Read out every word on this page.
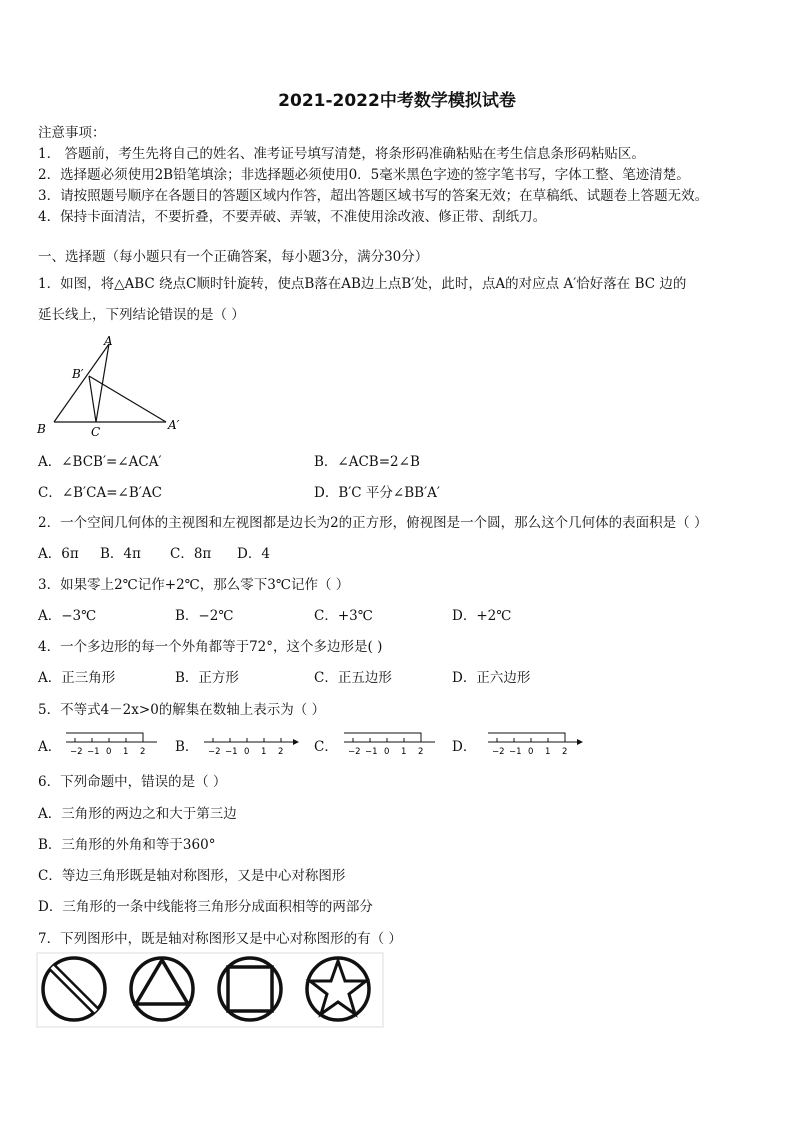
2021-2022中考数学模拟试卷
注意事项：
1． 答题前，考生先将自己的姓名、准考证号填写清楚，将条形码准确粘贴在考生信息条形码粘贴区。
2．选择题必须使用2B铅笔填涂；非选择题必须使用0．5毫米黑色字迹的签字笔书写，字体工整、笔迹清楚。
3．请按照题号顺序在各题目的答题区域内作答，超出答题区域书写的答案无效；在草稿纸、试题卷上答题无效。
4．保持卡面清洁，不要折叠，不要弄破、弄皱，不准使用涂改液、修正带、刮纸刀。
一、选择题（每小题只有一个正确答案，每小题3分，满分30分）
1．如图，将△ABC 绕点C顺时针旋转，使点B落在AB边上点B′处，此时，点A的对应点 A′恰好落在 BC 边的
延长线上，下列结论错误的是（ ）
A
B′
B	C	A′
A．∠BCB′=∠ACA′	B．∠ACB=2∠B
C．∠B′CA=∠B′AC	D．B′C 平分∠BB′A′
2．一个空间几何体的主视图和左视图都是边长为2的正方形，俯视图是一个圆，那么这个几何体的表面积是（ ）
A．6π B．4π C．8π D．4
3．如果零上2℃记作+2℃，那么零下3℃记作（ ）
A．−3℃	B．−2℃	C．+3℃	D．+2℃
4．一个多边形的每一个外角都等于72°，这个多边形是( )
A．正三角形	B．正方形	C．正五边形	D．正六边形
5．不等式4－2x>0的解集在数轴上表示为（ ）
A． −2 −1 0 1 2 B． −2 −1 0 1 2 C． −2 −1 0 1 2 D． −2 −1 0 1 2
6．下列命题中，错误的是（ ）
A．三角形的两边之和大于第三边
B．三角形的外角和等于360°
C．等边三角形既是轴对称图形，又是中心对称图形
D．三角形的一条中线能将三角形分成面积相等的两部分
7．下列图形中，既是轴对称图形又是中心对称图形的有（ ）
